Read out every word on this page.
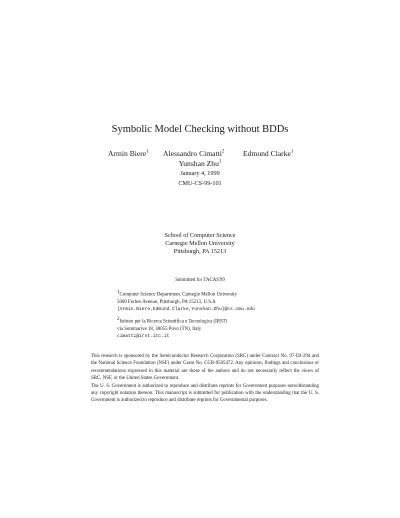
Symbolic Model Checking without BDDs
Armin Biere$^1$ Alessandro Cimatti$^2$ Edmund Clarke$^1$
Yunshan Zhu$^1$
January 4, 1999
CMU-CS-99-101
School of Computer Science
Carnegie Mellon University
Pittsburgh, PA 15213
Submitted for TACAS'99
1Computer Science Department, Carnegie Mellon University
5000 Forbes Avenue, Pittsburgh, PA 15213, U.S.A
{Armin.Biere,Edmund.Clarke,Yunshan.Zhu}@cs.cmu.edu
2Istituto per la Ricerca Scientifica e Tecnologica (IRST)
via Sommarive 18, 38055 Povo (TN), Italy
cimatti@irst.itc.it

This research is sponsored by the Semiconductor Research Corporation (SRC) under Contract No. 97-DJ-294 and the National Science Foundation (NSF) under Grant No. CCR-9505472. Any opinions, findings and conclusions or recommendations expressed in this material are those of the authors and do not necessarily reflect the views of SRC, NSF, or the United States Government.

The U. S. Government is authorized to reproduce and distribute reprints for Government purposes notwithstanding any copyright notation thereon. This manuscript is submitted for publication with the understanding that the U. S. Government is authorized to reproduce and distribute reprints for Governmental purposes.
